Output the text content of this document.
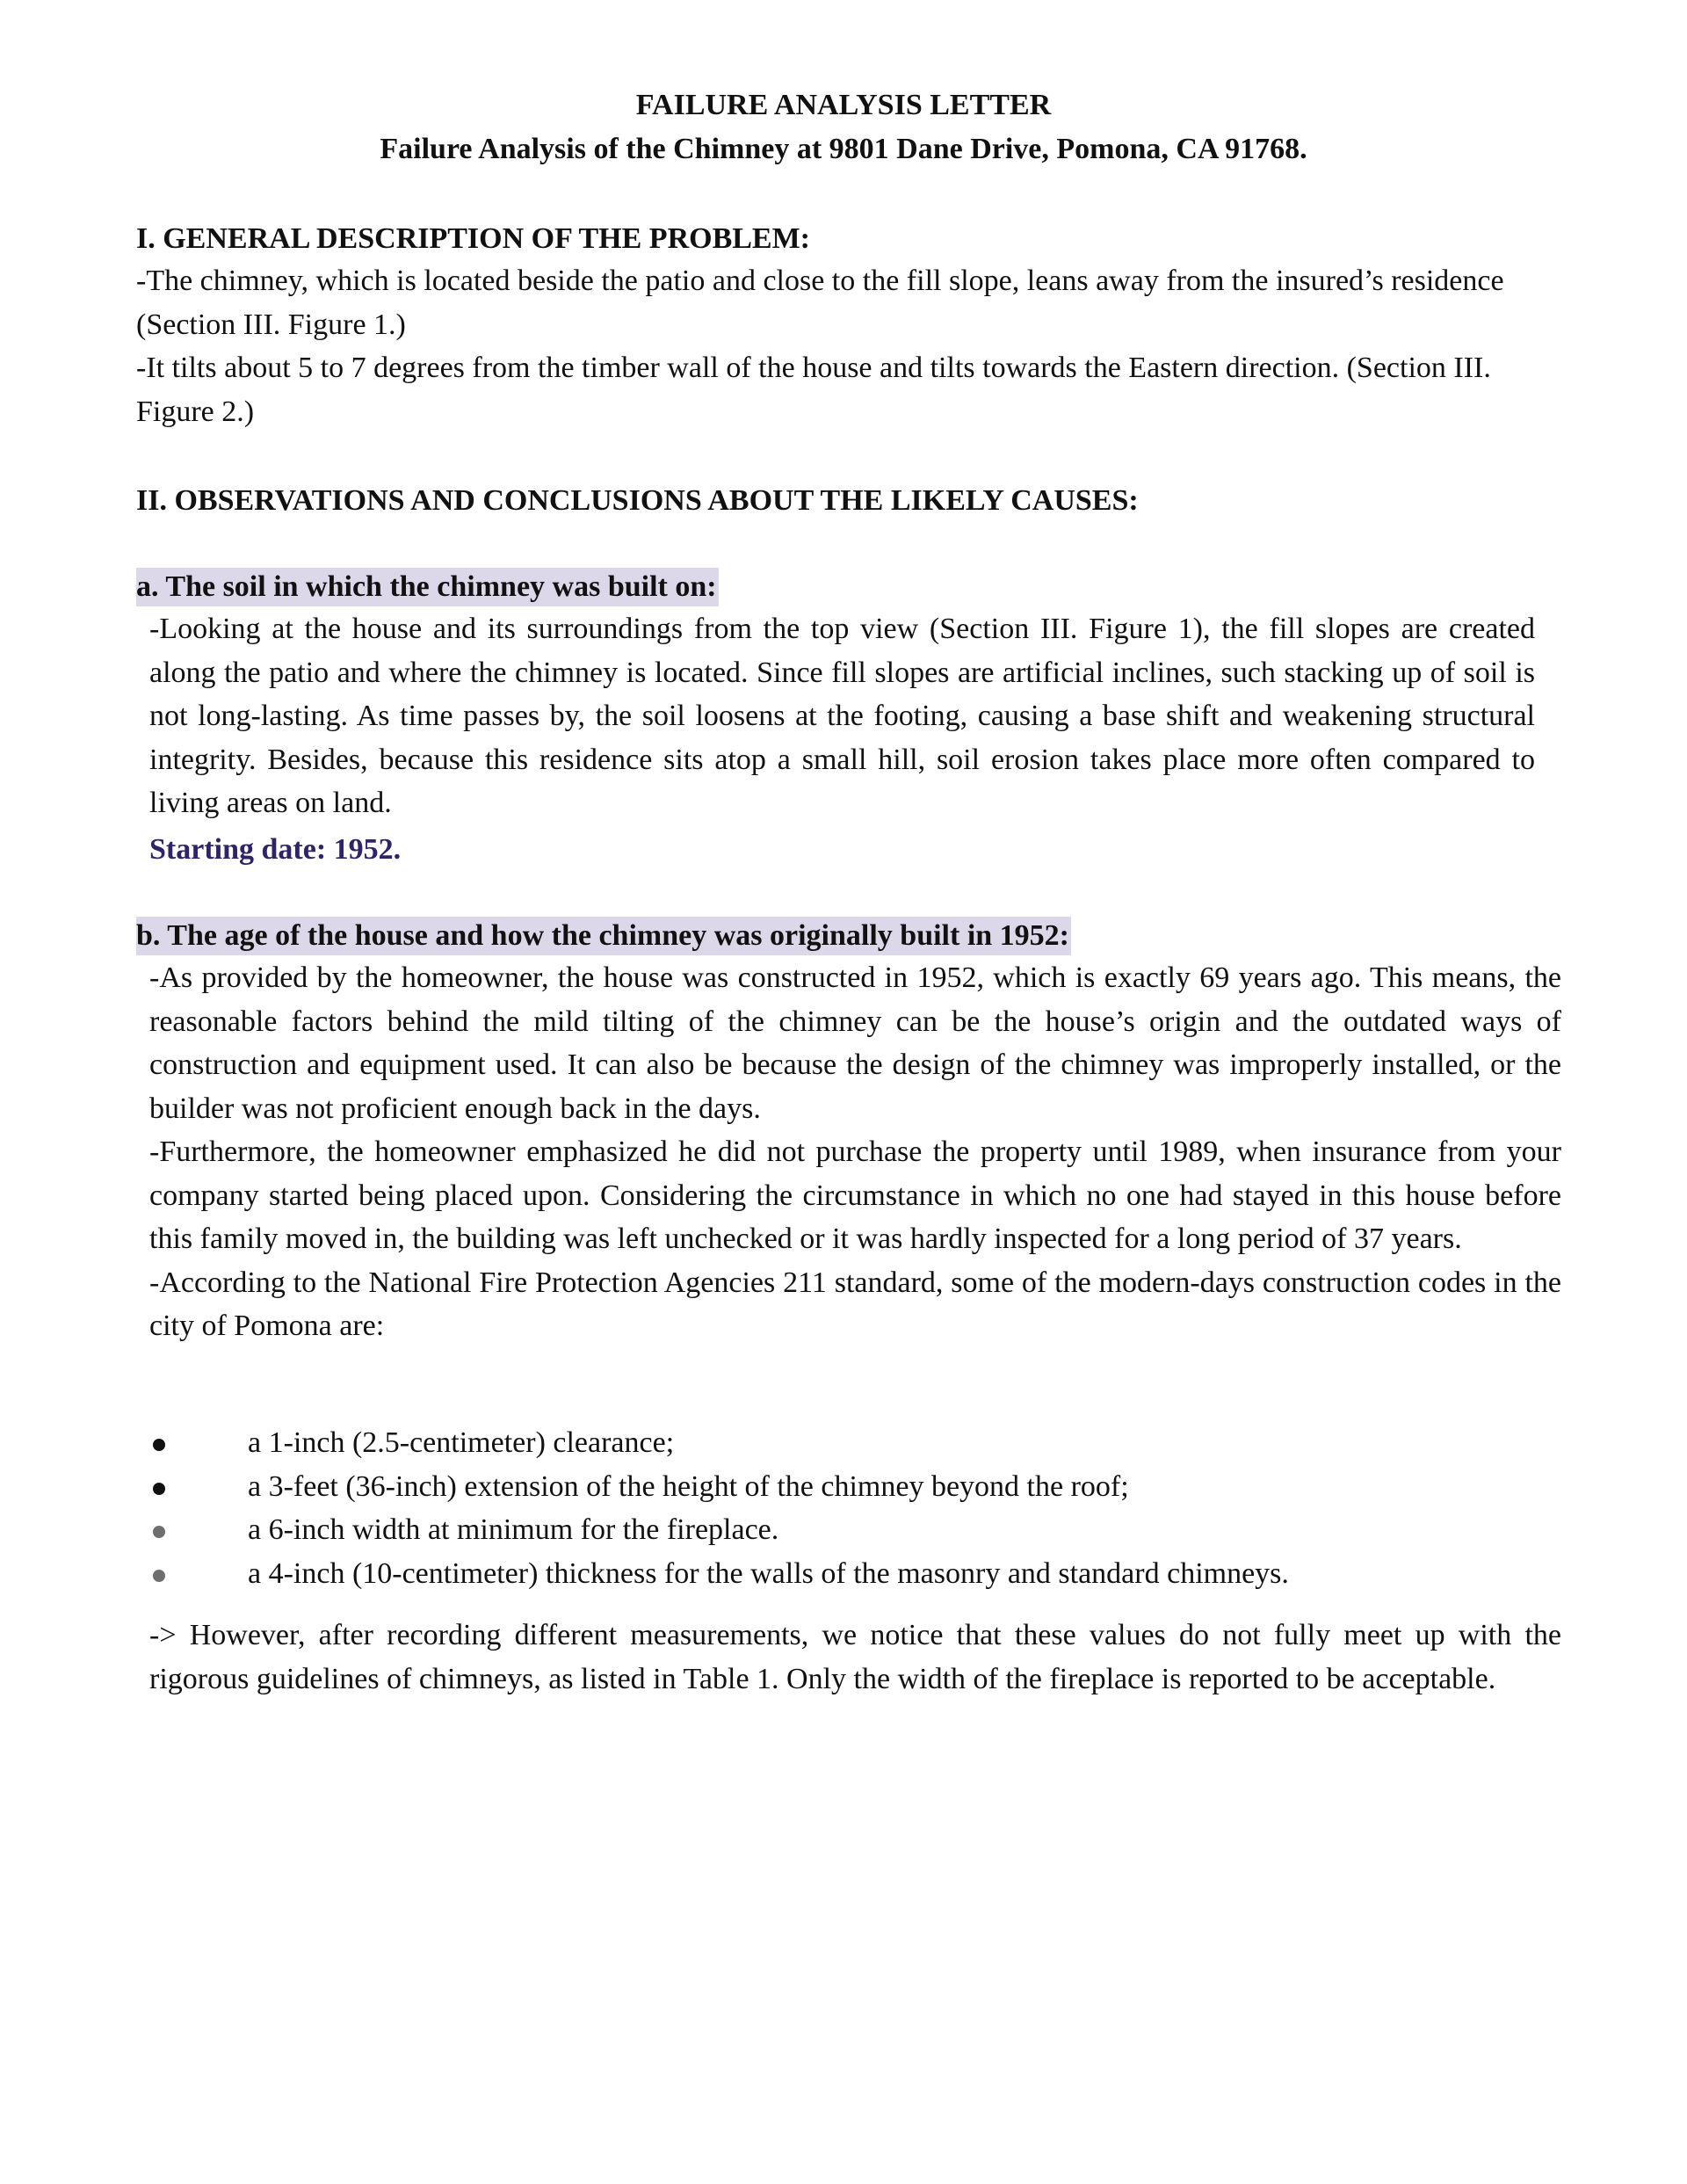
FAILURE ANALYSIS LETTER
Failure Analysis of the Chimney at 9801 Dane Drive, Pomona, CA 91768.
I. GENERAL DESCRIPTION OF THE PROBLEM:

-The chimney, which is located beside the patio and close to the fill slope, leans away from the insured’s residence (Section III. Figure 1.)

-It tilts about 5 to 7 degrees from the timber wall of the house and tilts towards the Eastern direction. (Section III. Figure 2.)

II. OBSERVATIONS AND CONCLUSIONS ABOUT THE LIKELY CAUSES:
a. The soil in which the chimney was built on:
-Looking at the house and its surroundings from the top view (Section III. Figure 1), the fill slopes are created along the patio and where the chimney is located. Since fill slopes are artificial inclines, such stacking up of soil is not long-lasting. As time passes by, the soil loosens at the footing, causing a base shift and weakening structural integrity. Besides, because this residence sits atop a small hill, soil erosion takes place more often compared to living areas on land.
Starting date: 1952.
b. The age of the house and how the chimney was originally built in 1952:

-As provided by the homeowner, the house was constructed in 1952, which is exactly 69 years ago. This means, the reasonable factors behind the mild tilting of the chimney can be the house’s origin and the outdated ways of construction and equipment used. It can also be because the design of the chimney was improperly installed, or the builder was not proficient enough back in the days.

-Furthermore, the homeowner emphasized he did not purchase the property until 1989, when insurance from your company started being placed upon. Considering the circumstance in which no one had stayed in this house before this family moved in, the building was left unchecked or it was hardly inspected for a long period of 37 years.

-According to the National Fire Protection Agencies 211 standard, some of the modern-days construction codes in the city of Pomona are:

a 1-inch (2.5-centimeter) clearance;
a 3-feet (36-inch) extension of the height of the chimney beyond the roof;
a 6-inch width at minimum for the fireplace.
a 4-inch (10-centimeter) thickness for the walls of the masonry and standard chimneys.
-> However, after recording different measurements, we notice that these values do not fully meet up with the rigorous guidelines of chimneys, as listed in Table 1. Only the width of the fireplace is reported to be acceptable.
